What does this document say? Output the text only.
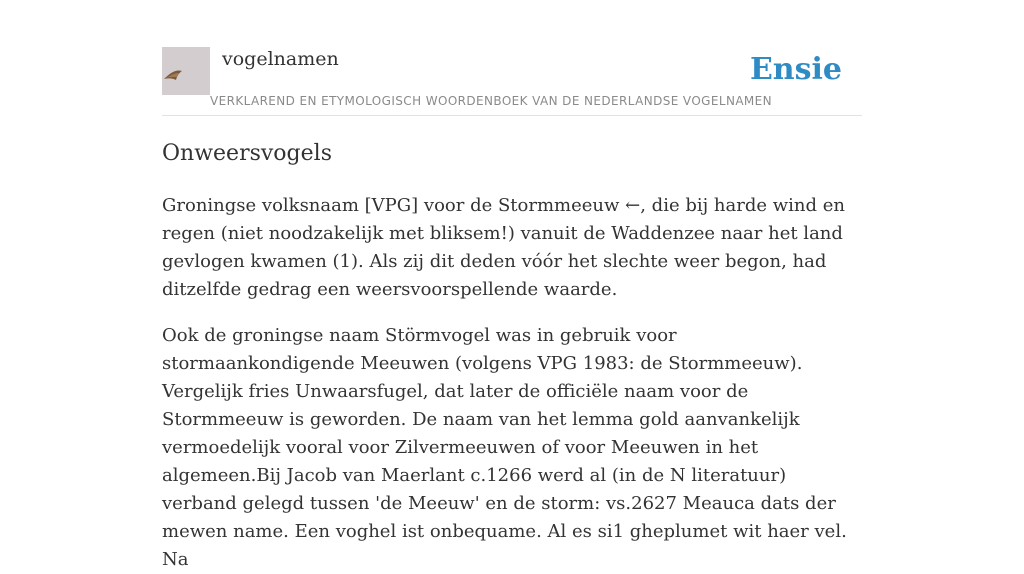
vogelnamen
VERKLAREND EN ETYMOLOGISCH WOORDENBOEK VAN DE NEDERLANDSE VOGELNAMEN
Ensie
Onweersvogels

Groningse volksnaam [VPG] voor de Stormmeeuw ←, die bij harde wind en regen (niet noodzakelijk met bliksem!) vanuit de Waddenzee naar het land gevlogen kwamen (1). Als zij dit deden vóór het slechte weer begon, had ditzelfde gedrag een weersvoorspellende waarde.

Ook de groningse naam Störmvogel was in gebruik voor stormaankondigende Meeuwen (volgens VPG 1983: de Stormmeeuw). Vergelijk fries Unwaarsfugel, dat later de officiële naam voor de Stormmeeuw is geworden. De naam van het lemma gold aanvankelijk vermoedelijk vooral voor Zilvermeeuwen of voor Meeuwen in het algemeen.Bij Jacob van Maerlant c.1266 werd al (in de N literatuur) verband gelegd tussen 'de Meeuw' en de storm: vs.2627 Meauca dats der mewen name. Een voghel ist onbequame. Al es si1 gheplumet wit haer vel. Na
